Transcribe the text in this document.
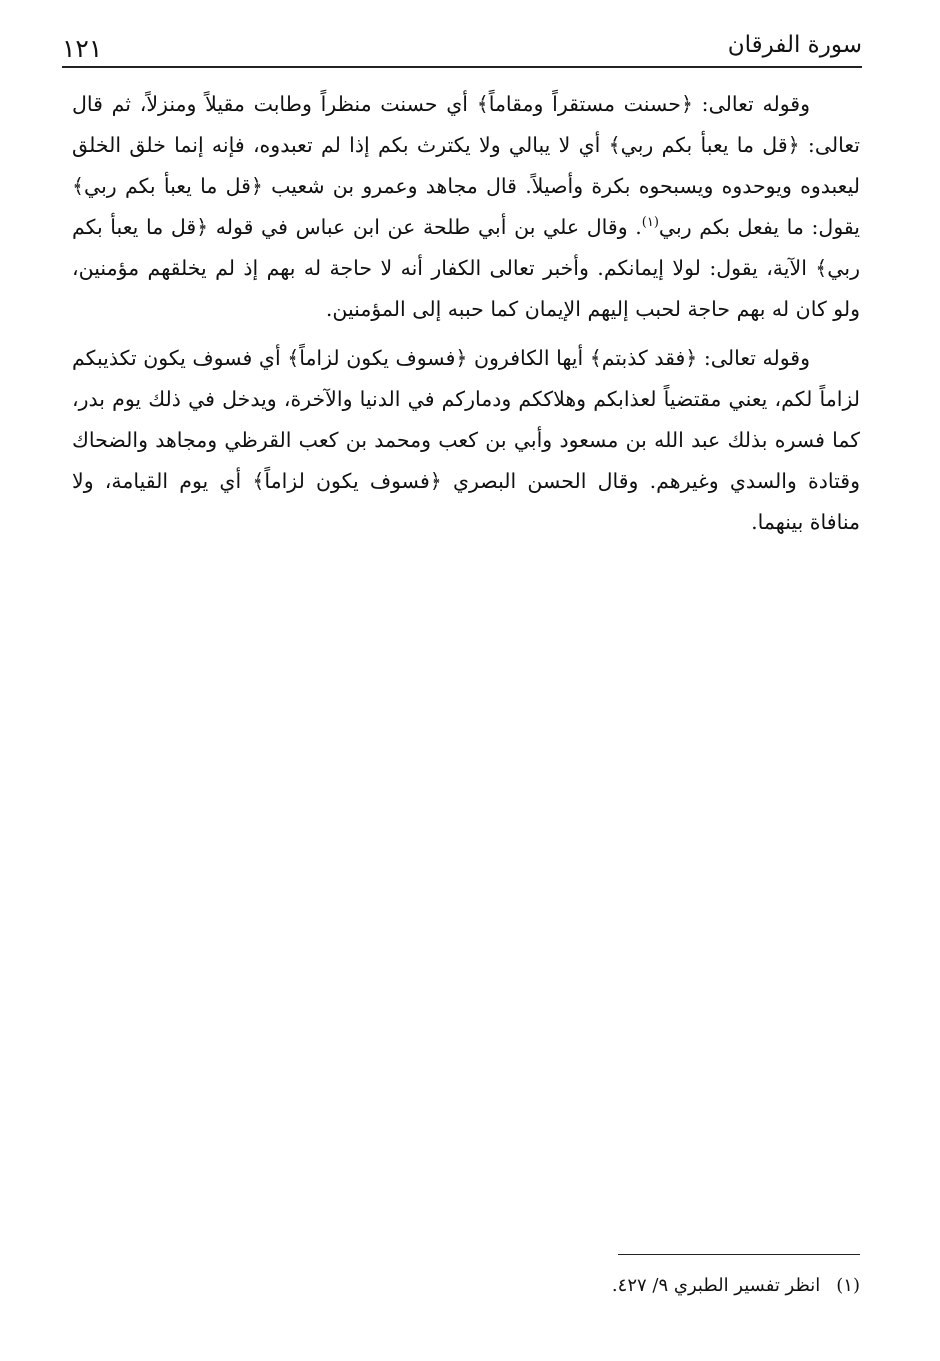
١٢١	سورة الفرقان

وقوله تعالى: ﴿حسنت مستقراً ومقاماً﴾ أي حسنت منظراً وطابت مقيلاً ومنزلاً، ثم قال تعالى: ﴿قل ما يعبأ بكم ربي﴾ أي لا يبالي ولا يكترث بكم إذا لم تعبدوه، فإنه إنما خلق الخلق ليعبدوه ويوحدوه ويسبحوه بكرة وأصيلاً. قال مجاهد وعمرو بن شعيب ﴿قل ما يعبأ بكم ربي﴾ يقول: ما يفعل بكم ربي$^{(١)}$. وقال علي بن أبي طلحة عن ابن عباس في قوله ﴿قل ما يعبأ بكم ربي﴾ الآية، يقول: لولا إيمانكم. وأخبر تعالى الكفار أنه لا حاجة له بهم إذ لم يخلقهم مؤمنين، ولو كان له بهم حاجة لحبب إليهم الإيمان كما حببه إلى المؤمنين.

وقوله تعالى: ﴿فقد كذبتم﴾ أيها الكافرون ﴿فسوف يكون لزاماً﴾ أي فسوف يكون تكذيبكم لزاماً لكم، يعني مقتضياً لعذابكم وهلاككم ودماركم في الدنيا والآخرة، ويدخل في ذلك يوم بدر، كما فسره بذلك عبد الله بن مسعود وأبي بن كعب ومحمد بن كعب القرظي ومجاهد والضحاك وقتادة والسدي وغيرهم. وقال الحسن البصري ﴿فسوف يكون لزاماً﴾ أي يوم القيامة، ولا منافاة بينهما.

(١)انظر تفسير الطبري ٩/ ٤٢٧.
